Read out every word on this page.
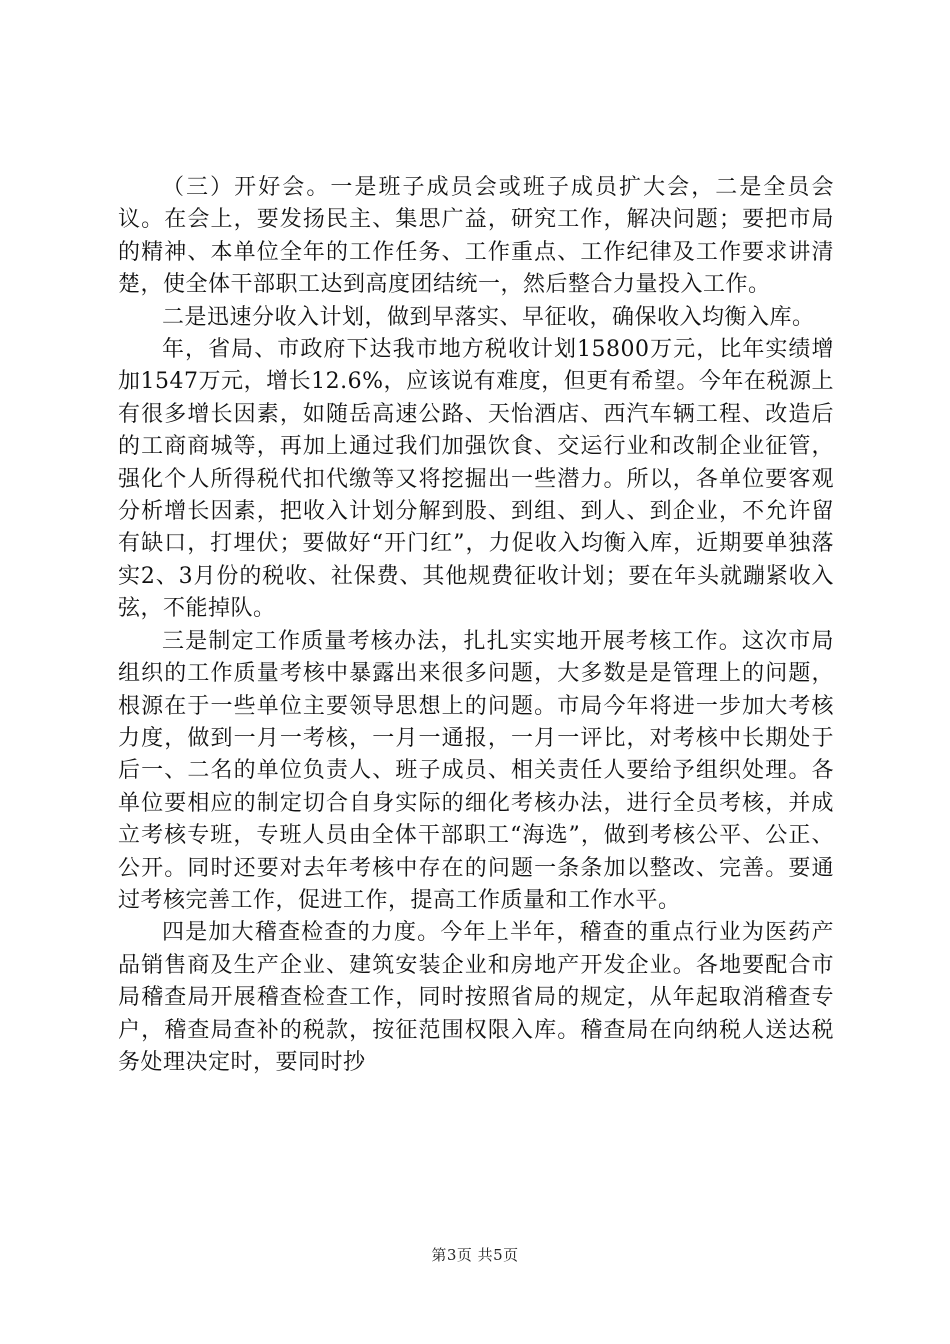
（三）开好会。一是班子成员会或班子成员扩大会，二是全员会议。在会上，要发扬民主、集思广益，研究工作，解决问题；要把市局的精神、本单位全年的工作任务、工作重点、工作纪律及工作要求讲清楚，使全体干部职工达到高度团结统一，然后整合力量投入工作。

二是迅速分收入计划，做到早落实、早征收，确保收入均衡入库。

年，省局、市政府下达我市地方税收计划15800万元，比年实绩增加1547万元，增长12.6%，应该说有难度，但更有希望。今年在税源上有很多增长因素，如随岳高速公路、天怡酒店、西汽车辆工程、改造后的工商商城等，再加上通过我们加强饮食、交运行业和改制企业征管，强化个人所得税代扣代缴等又将挖掘出一些潜力。所以，各单位要客观分析增长因素，把收入计划分解到股、到组、到人、到企业，不允许留有缺口，打埋伏；要做好“开门红”，力促收入均衡入库，近期要单独落实2、3月份的税收、社保费、其他规费征收计划；要在年头就蹦紧收入弦，不能掉队。

三是制定工作质量考核办法，扎扎实实地开展考核工作。这次市局组织的工作质量考核中暴露出来很多问题，大多数是是管理上的问题，根源在于一些单位主要领导思想上的问题。市局今年将进一步加大考核力度，做到一月一考核，一月一通报，一月一评比，对考核中长期处于后一、二名的单位负责人、班子成员、相关责任人要给予组织处理。各单位要相应的制定切合自身实际的细化考核办法，进行全员考核，并成立考核专班，专班人员由全体干部职工“海选”，做到考核公平、公正、公开。同时还要对去年考核中存在的问题一条条加以整改、完善。要通过考核完善工作，促进工作，提高工作质量和工作水平。

四是加大稽查检查的力度。今年上半年，稽查的重点行业为医药产品销售商及生产企业、建筑安装企业和房地产开发企业。各地要配合市局稽查局开展稽查检查工作，同时按照省局的规定，从年起取消稽查专户，稽查局查补的税款，按征范围权限入库。稽查局在向纳税人送达税务处理决定时，要同时抄

第3页 共5页
